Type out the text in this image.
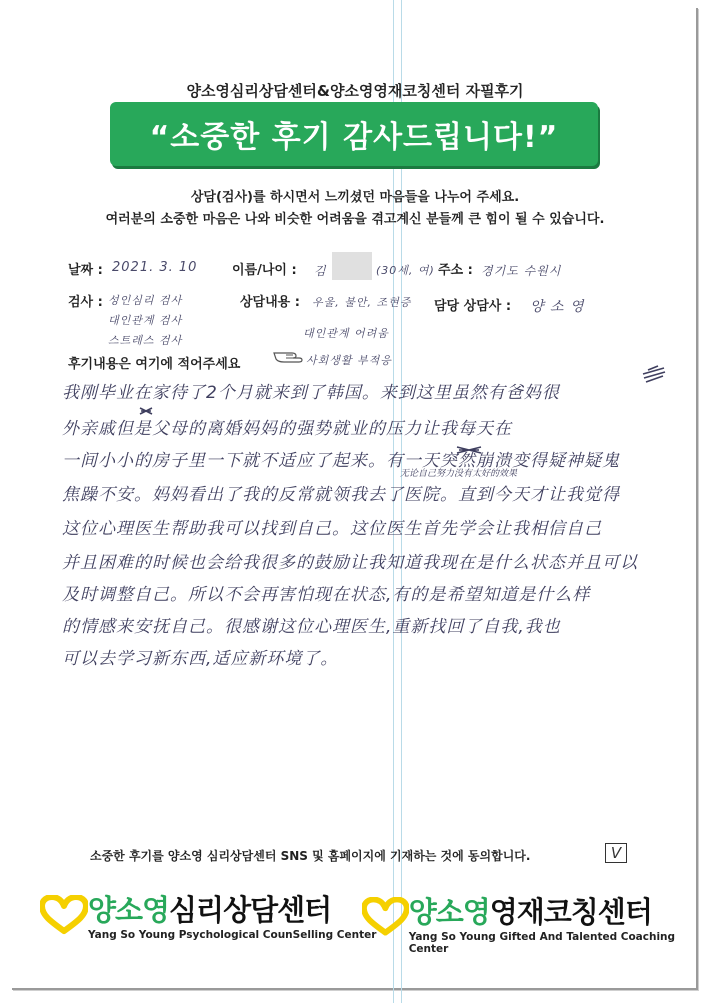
양소영심리상담센터&양소영영재코칭센터 자필후기
“소중한 후기 감사드립니다!”
상담(검사)를 하시면서 느끼셨던 마음들을 나누어 주세요.
여러분의 소중한 마음은 나와 비슷한 어려움을 겪고계신 분들께 큰 힘이 될 수 있습니다.
날짜 : 2021. 3. 10	이름/나이 : 김	(30세, 여) 주소 : 경기도 수원시
검사 : 성인심리 검사
대인관계 검사
스트레스 검사
상담내용 : 우울, 불안, 조현증
대인관계 어려움
담당 상담사 : 양 소 영
후기내용은 여기에 적어주세요	사회생활 부적응
我刚毕业在家待了2个月就来到了韩国。来到这里虽然有爸妈很
外亲戚但是父母的离婚妈妈的强势就业的压力让我每天在
一间小小的房子里一下就不适应了起来。有一天突然崩溃变得疑神疑鬼
无论自己努力没有太好的效果
焦躁不安。妈妈看出了我的反常就领我去了医院。直到今天才让我觉得
这位心理医生帮助我可以找到自己。这位医生首先学会让我相信自己
并且困难的时候也会给我很多的鼓励让我知道我现在是什么状态并且可以
及时调整自己。所以不会再害怕现在状态,有的是希望知道是什么样
的情感来安抚自己。很感谢这位心理医生,重新找回了自我,我也
可以去学习新东西,适应新环境了。
소중한 후기를 양소영 심리상담센터 SNS 및 홈페이지에 기재하는 것에 동의합니다.	V
양소영심리상담센터
Yang So Young Psychological CounSelling Center
양소영영재코칭센터
Yang So Young Gifted And Talented Coaching Center
